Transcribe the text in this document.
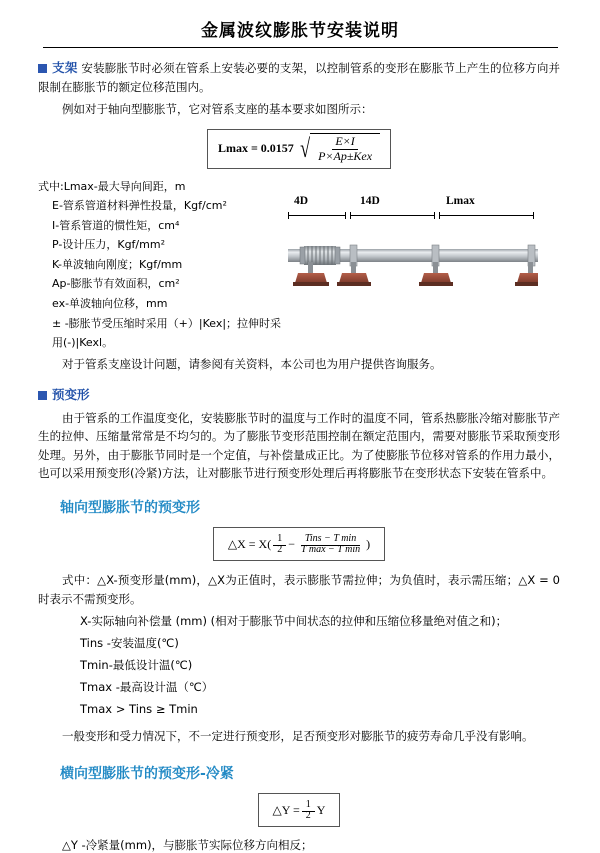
金属波纹膨胀节安装说明

支架 安装膨胀节时必须在管系上安装必要的支架，以控制管系的变形在膨胀节上产生的位移方向并限制在膨胀节的额定位移范围内。

例如对于轴向型膨胀节，它对管系支座的基本要求如图所示：

Lmax = 0.0157 √ $\frac{E\times I}{\text{P×Ap±Kex}}$
式中:Lmax-最大导向间距，m
E-管系管道材料弹性投量，Kgf/cm²
I-管系管道的惯性矩，cm⁴
P-设计压力，Kgf/mm²
K-单波轴向刚度；Kgf/mm
Ap-膨胀节有效面积，cm²
ex-单波轴向位移，mm
± -膨胀节受压缩时采用（+）|Kex|；拉伸时采用(-)|Kexl。
4D	14D	Lmax

对于管系支座设计问题，请参阅有关资料，本公司也为用户提供咨询服务。

预变形

由于管系的工作温度变化，安装膨胀节时的温度与工作时的温度不同，管系热膨胀冷缩对膨胀节产生的拉伸、压缩量常常是不均匀的。为了膨胀节变形范围控制在额定范围内，需要对膨胀节采取预变形处理。另外，由于膨胀节同时是一个定值，与补偿量成正比。为了使膨胀节位移对管系的作用力最小，也可以采用预变形(冷紧)方法，让对膨胀节进行预变形处理后再将膨胀节在变形状态下安装在管系中。

轴向型膨胀节的预变形
△X = $X( \frac{1}{2} - \frac{\text{Tins − T min}}{\text{T max − T min}}$ )

式中：△X-预变形量(mm)，△X为正值时，表示膨胀节需拉伸；为负值时，表示需压缩；△X = 0时表示不需预变形。

X-实际轴向补偿量 (mm) (相对于膨胀节中间状态的拉伸和压缩位移量绝对值之和)；
Tins -安装温度(℃)
Tmin-最低设计温(℃)
Tmax -最高设计温（℃）
Tmax > Tins ≥ Tmin

一般变形和受力情况下，不一定进行预变形，足否预变形对膨胀节的疲劳寿命几乎没有影响。

横向型膨胀节的预变形-冷紧
△Y = $\frac{1}{2}$ Y

△Y -冷紧量(mm)，与膨胀节实际位移方向相反；
